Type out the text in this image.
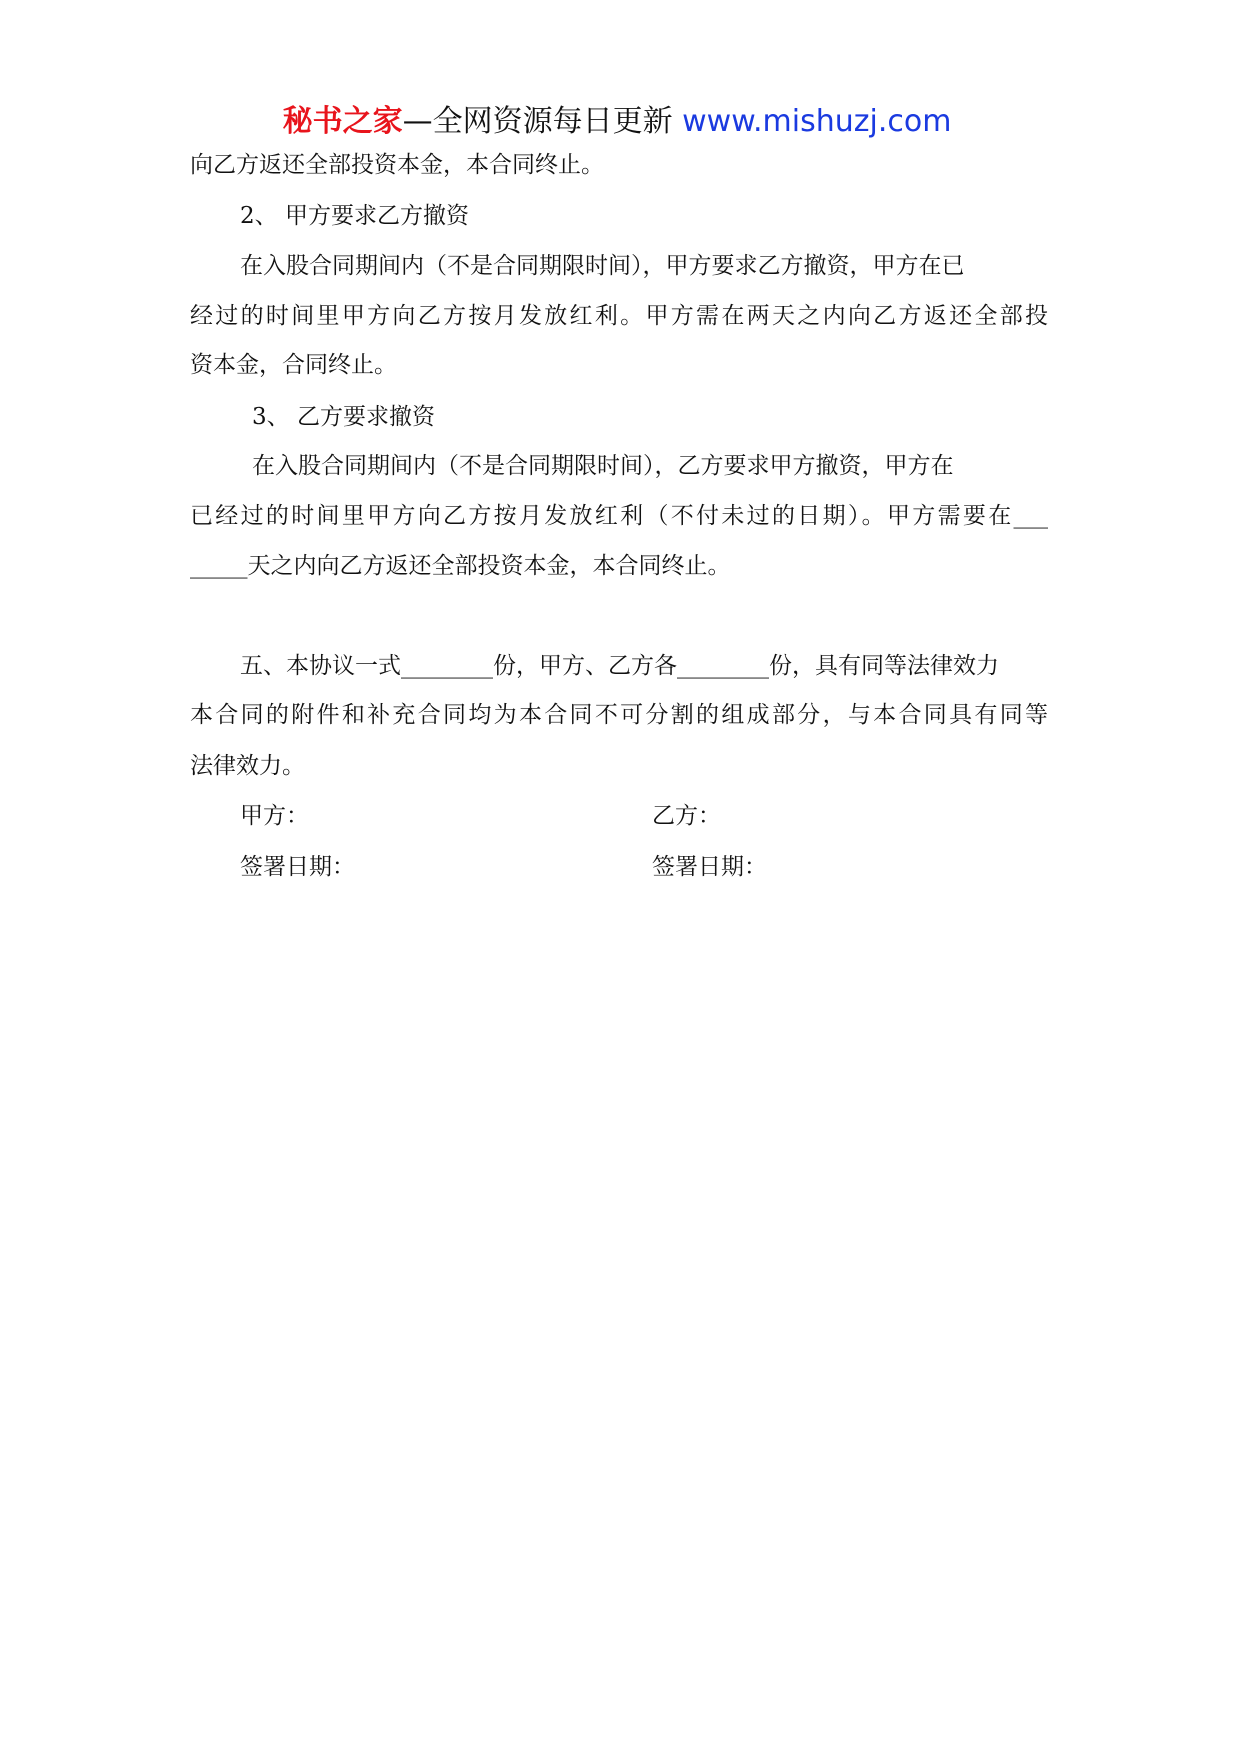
秘书之家—全网资源每日更新 www.mishuzj.com
向乙方返还全部投资本金，本合同终止。
2、 甲方要求乙方撤资
在入股合同期间内（不是合同期限时间），甲方要求乙方撤资，甲方在已
经过的时间里甲方向乙方按月发放红利。甲方需在两天之内向乙方返还全部投
资本金，合同终止。
3、 乙方要求撤资
在入股合同期间内（不是合同期限时间），乙方要求甲方撤资，甲方在
已经过的时间里甲方向乙方按月发放红利（不付未过的日期）。甲方需要在___
_____天之内向乙方返还全部投资本金，本合同终止。
五、本协议一式________份，甲方、乙方各________份，具有同等法律效力
本合同的附件和补充合同均为本合同不可分割的组成部分，与本合同具有同等
法律效力。
甲方：	乙方：
签署日期：	签署日期：
